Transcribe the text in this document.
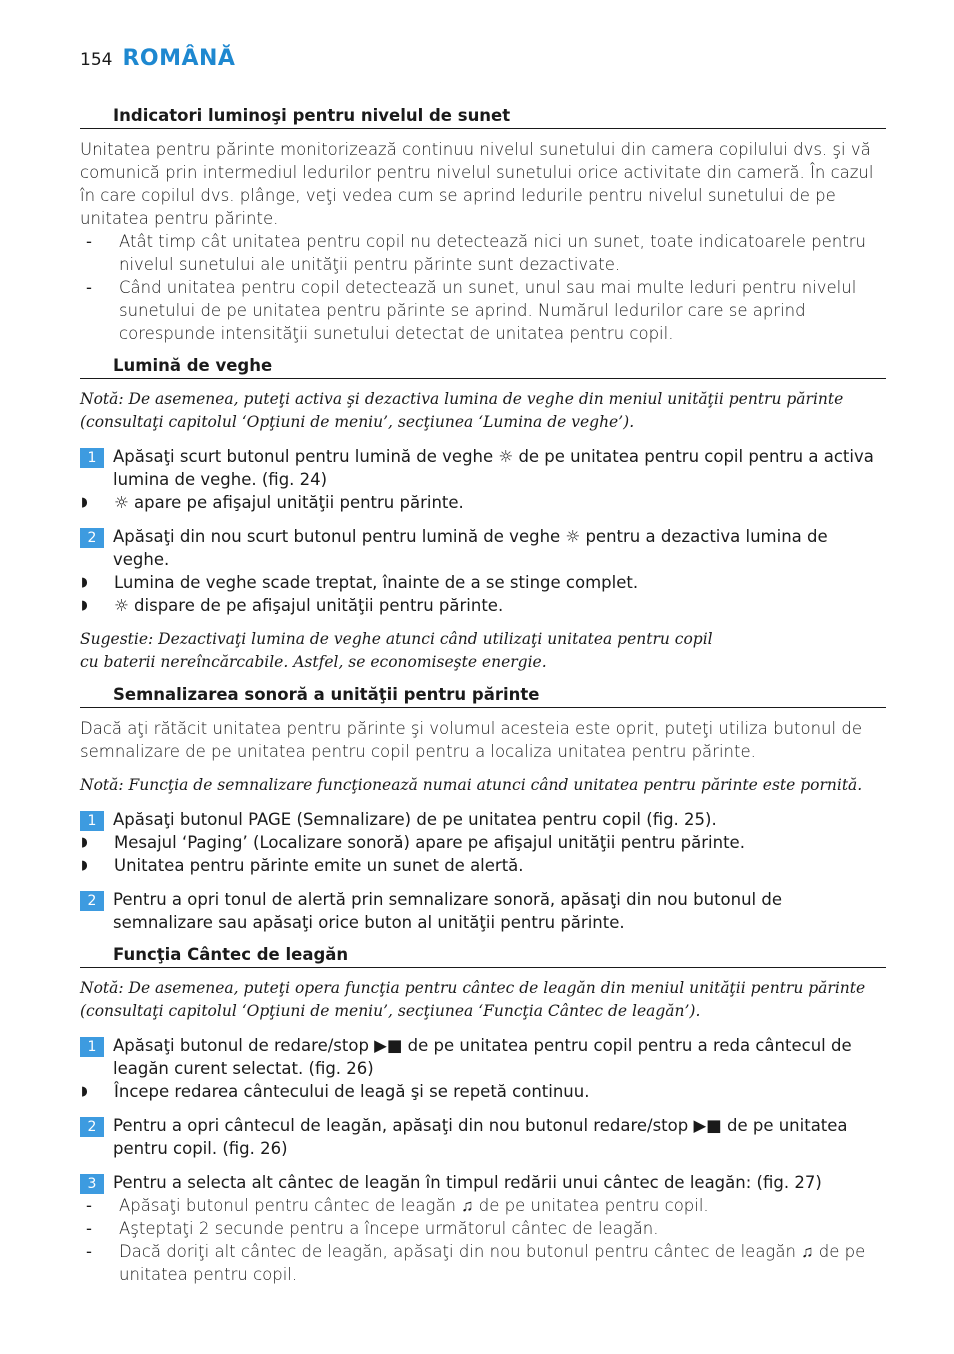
154 ROMÂNĂ
Indicatori luminoşi pentru nivelul de sunet

Unitatea pentru părinte monitorizează continuu nivelul sunetului din camera copilului dvs. şi vă comunică prin intermediul ledurilor pentru nivelul sunetului orice activitate din cameră. În cazul în care copilul dvs. plânge, veţi vedea cum se aprind ledurile pentru nivelul sunetului de pe unitatea pentru părinte.

-	Atât timp cât unitatea pentru copil nu detectează nici un sunet, toate indicatoarele pentru nivelul sunetului ale unităţii pentru părinte sunt dezactivate.
-	Când unitatea pentru copil detectează un sunet, unul sau mai multe leduri pentru nivelul sunetului de pe unitatea pentru părinte se aprind. Numărul ledurilor care se aprind corespunde intensităţii sunetului detectat de unitatea pentru copil.
Lumină de veghe

Notă: De asemenea, puteţi activa şi dezactiva lumina de veghe din meniul unităţii pentru părinte (consultaţi capitolul ‘Opţiuni de meniu’, secţiunea ‘Lumina de veghe’).

1	Apăsaţi scurt butonul pentru lumină de veghe ☼ de pe unitatea pentru copil pentru a activa lumina de veghe. (fig. 24)
◗	☼ apare pe afişajul unităţii pentru părinte.
2	Apăsaţi din nou scurt butonul pentru lumină de veghe ☼ pentru a dezactiva lumina de veghe.
◗	Lumina de veghe scade treptat, înainte de a se stinge complet.
◗	☼ dispare de pe afişajul unităţii pentru părinte.

Sugestie: Dezactivaţi lumina de veghe atunci când utilizaţi unitatea pentru copil cu baterii nereîncărcabile. Astfel, se economiseşte energie.

Semnalizarea sonoră a unităţii pentru părinte

Dacă aţi rătăcit unitatea pentru părinte şi volumul acesteia este oprit, puteţi utiliza butonul de semnalizare de pe unitatea pentru copil pentru a localiza unitatea pentru părinte.

Notă: Funcţia de semnalizare funcţionează numai atunci când unitatea pentru părinte este pornită.

1	Apăsaţi butonul PAGE (Semnalizare) de pe unitatea pentru copil (fig. 25).
◗	Mesajul ‘Paging’ (Localizare sonoră) apare pe afişajul unităţii pentru părinte.
◗	Unitatea pentru părinte emite un sunet de alertă.
2	Pentru a opri tonul de alertă prin semnalizare sonoră, apăsaţi din nou butonul de semnalizare sau apăsaţi orice buton al unităţii pentru părinte.
Funcţia Cântec de leagăn

Notă: De asemenea, puteţi opera funcţia pentru cântec de leagăn din meniul unităţii pentru părinte (consultaţi capitolul ‘Opţiuni de meniu’, secţiunea ‘Funcţia Cântec de leagăn’).

1	Apăsaţi butonul de redare/stop ▶■ de pe unitatea pentru copil pentru a reda cântecul de leagăn curent selectat. (fig. 26)
◗	Începe redarea cântecului de leagă şi se repetă continuu.
2	Pentru a opri cântecul de leagăn, apăsaţi din nou butonul redare/stop ▶■ de pe unitatea pentru copil. (fig. 26)
3	Pentru a selecta alt cântec de leagăn în timpul redării unui cântec de leagăn: (fig. 27)
-	Apăsaţi butonul pentru cântec de leagăn ♫ de pe unitatea pentru copil.
-	Aşteptaţi 2 secunde pentru a începe următorul cântec de leagăn.
-	Dacă doriţi alt cântec de leagăn, apăsaţi din nou butonul pentru cântec de leagăn ♫ de pe unitatea pentru copil.
